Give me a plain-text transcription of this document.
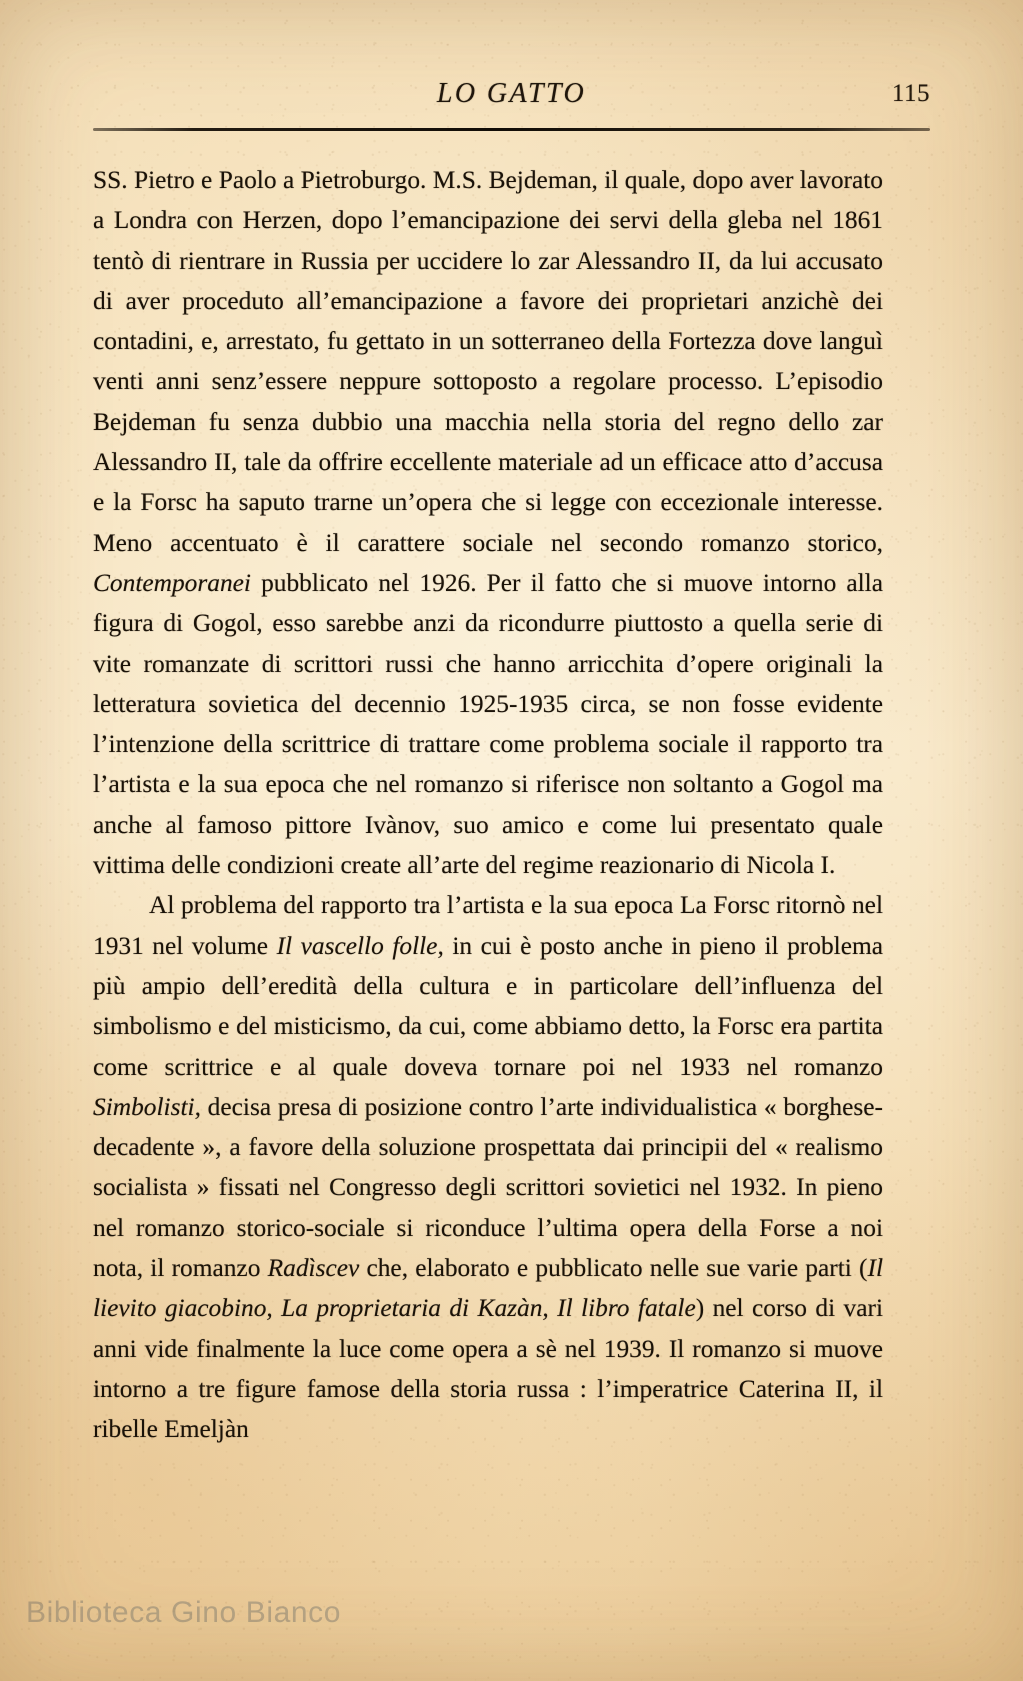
LO GATTO	115

SS. Pietro e Paolo a Pietroburgo. M.S. Bejdeman, il quale, dopo aver lavorato a Londra con Herzen, dopo l’emancipazione dei servi della gleba nel 1861 tentò di rientrare in Russia per uccidere lo zar Alessandro II, da lui accusato di aver proceduto all’emancipazione a favore dei proprietari anzichè dei contadini, e, arrestato, fu gettato in un sotterraneo della Fortezza dove languì venti anni senz’essere neppure sottoposto a regolare processo. L’episodio Bejdeman fu senza dubbio una macchia nella storia del regno dello zar Alessandro II, tale da offrire eccellente materiale ad un efficace atto d’accusa e la Forsc ha saputo trarne un’opera che si legge con eccezionale interesse. Meno accentuato è il carattere sociale nel secondo romanzo storico, Contemporanei pubblicato nel 1926. Per il fatto che si muove intorno alla figura di Gogol, esso sarebbe anzi da ricondurre piuttosto a quella serie di vite romanzate di scrittori russi che hanno arricchita d’opere originali la letteratura sovietica del decennio 1925-1935 circa, se non fosse evidente l’intenzione della scrittrice di trattare come problema sociale il rapporto tra l’artista e la sua epoca che nel romanzo si riferisce non soltanto a Gogol ma anche al famoso pittore Ivànov, suo amico e come lui presentato quale vittima delle condizioni create all’arte del regime reazionario di Nicola I.

Al problema del rapporto tra l’artista e la sua epoca La Forsc ritornò nel 1931 nel volume Il vascello folle, in cui è posto anche in pieno il problema più ampio dell’eredità della cultura e in particolare dell’influenza del simbolismo e del misticismo, da cui, come abbiamo detto, la Forsc era partita come scrittrice e al quale doveva tornare poi nel 1933 nel romanzo Simbolisti, decisa presa di posizione contro l’arte individualistica « borghese-decadente », a favore della soluzione prospettata dai principii del « realismo socialista » fissati nel Congresso degli scrittori sovietici nel 1932. In pieno nel romanzo storico-sociale si riconduce l’ultima opera della Forse a noi nota, il romanzo Radìscev che, elaborato e pubblicato nelle sue varie parti (Il lievito giacobino, La proprietaria di Kazàn, Il libro fatale) nel corso di vari anni vide finalmente la luce come opera a sè nel 1939. Il romanzo si muove intorno a tre figure famose della storia russa : l’imperatrice Caterina II, il ribelle Emeljàn

Biblioteca Gino Bianco
